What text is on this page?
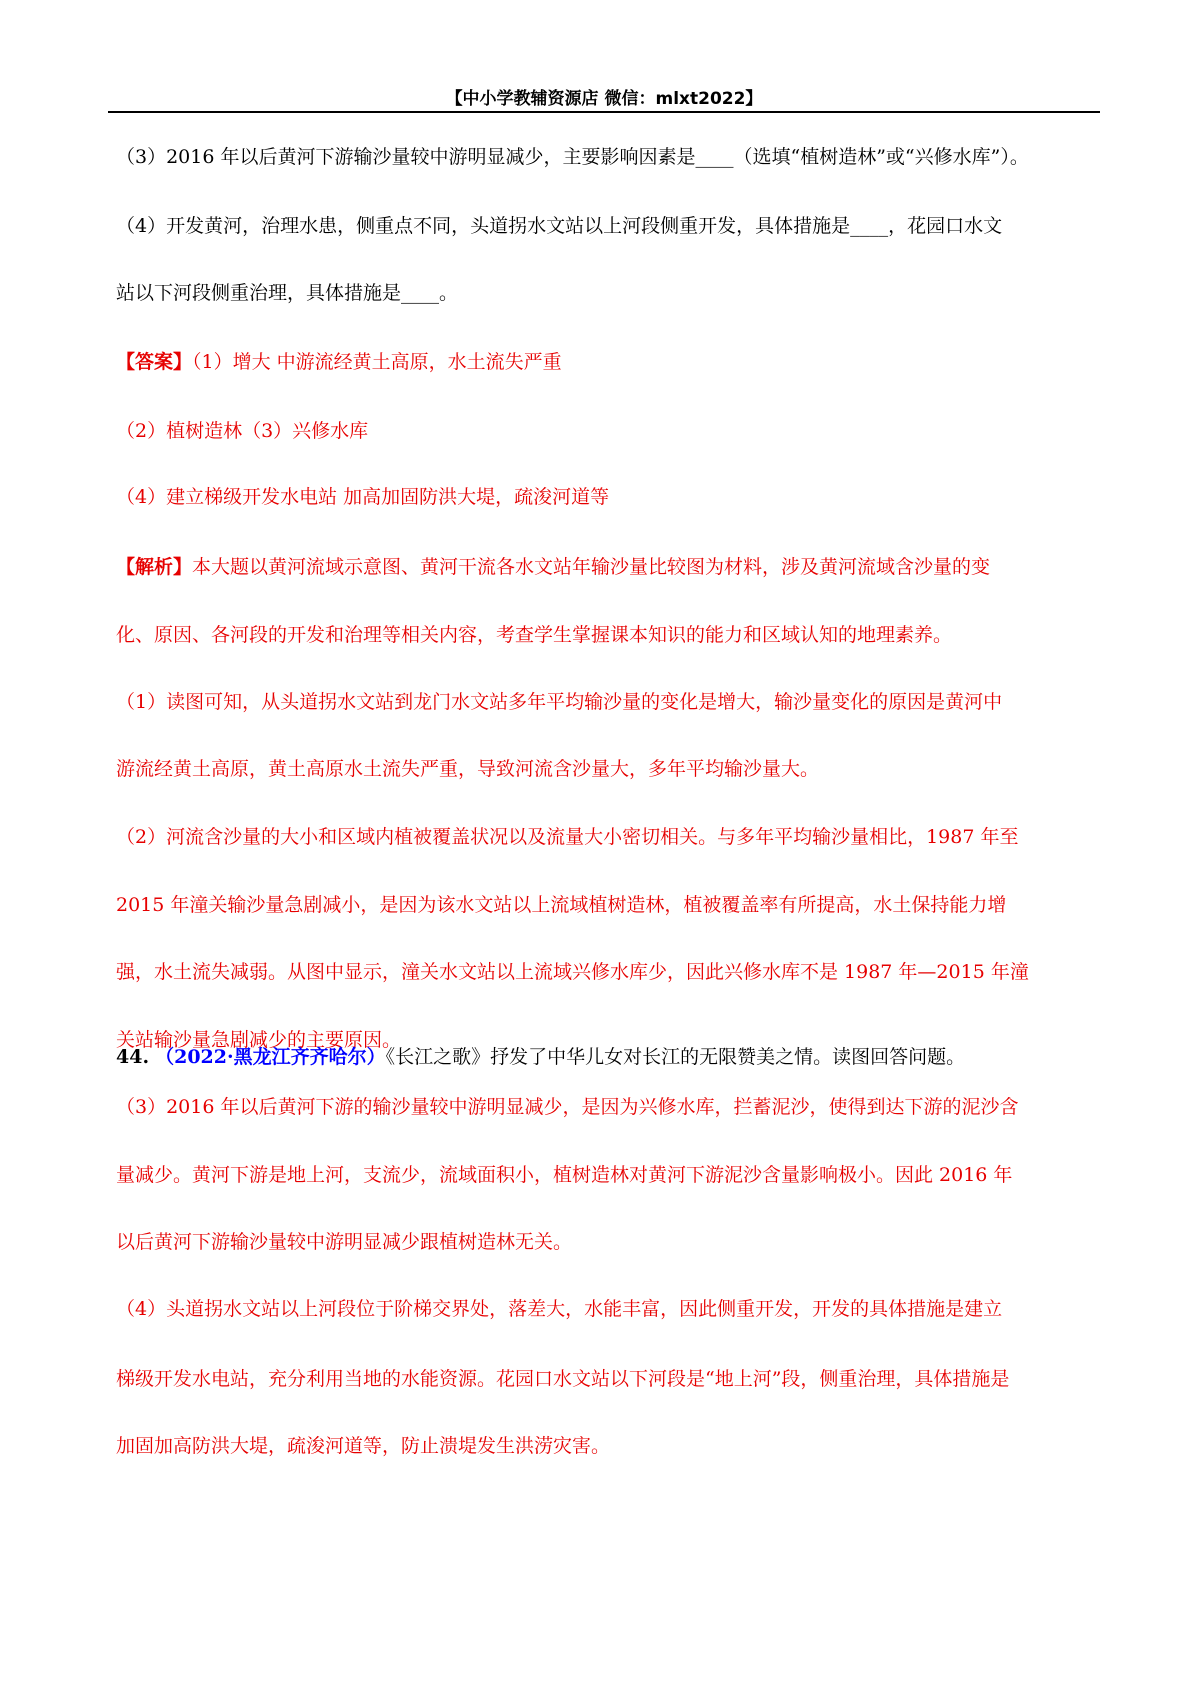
【中小学教辅资源店 微信：mlxt2022】
（3）2016 年以后黄河下游输沙量较中游明显减少，主要影响因素是____（选填“植树造林”或“兴修水库”）。
（4）开发黄河，治理水患，侧重点不同，头道拐水文站以上河段侧重开发，具体措施是____，花园口水文
站以下河段侧重治理，具体措施是____。
【答案】（1）增大 中游流经黄土高原，水土流失严重
（2）植树造林（3）兴修水库
（4）建立梯级开发水电站 加高加固防洪大堤，疏浚河道等
【解析】本大题以黄河流域示意图、黄河干流各水文站年输沙量比较图为材料，涉及黄河流域含沙量的变
化、原因、各河段的开发和治理等相关内容，考查学生掌握课本知识的能力和区域认知的地理素养。
（1）读图可知，从头道拐水文站到龙门水文站多年平均输沙量的变化是增大，输沙量变化的原因是黄河中
游流经黄土高原，黄土高原水土流失严重，导致河流含沙量大，多年平均输沙量大。
（2）河流含沙量的大小和区域内植被覆盖状况以及流量大小密切相关。与多年平均输沙量相比，1987 年至
2015 年潼关输沙量急剧减小，是因为该水文站以上流域植树造林，植被覆盖率有所提高，水土保持能力增
强，水土流失减弱。从图中显示，潼关水文站以上流域兴修水库少，因此兴修水库不是 1987 年—2015 年潼
关站输沙量急剧减少的主要原因。
（3）2016 年以后黄河下游的输沙量较中游明显减少，是因为兴修水库，拦蓄泥沙，使得到达下游的泥沙含
量减少。黄河下游是地上河，支流少，流域面积小，植树造林对黄河下游泥沙含量影响极小。因此 2016 年
以后黄河下游输沙量较中游明显减少跟植树造林无关。
（4）头道拐水文站以上河段位于阶梯交界处，落差大，水能丰富，因此侧重开发，开发的具体措施是建立
梯级开发水电站，充分利用当地的水能资源。花园口水文站以下河段是“地上河”段，侧重治理，具体措施是
加固加高防洪大堤，疏浚河道等，防止溃堤发生洪涝灾害。
44. （2022·黑龙江齐齐哈尔）《长江之歌》抒发了中华儿女对长江的无限赞美之情。读图回答问题。
